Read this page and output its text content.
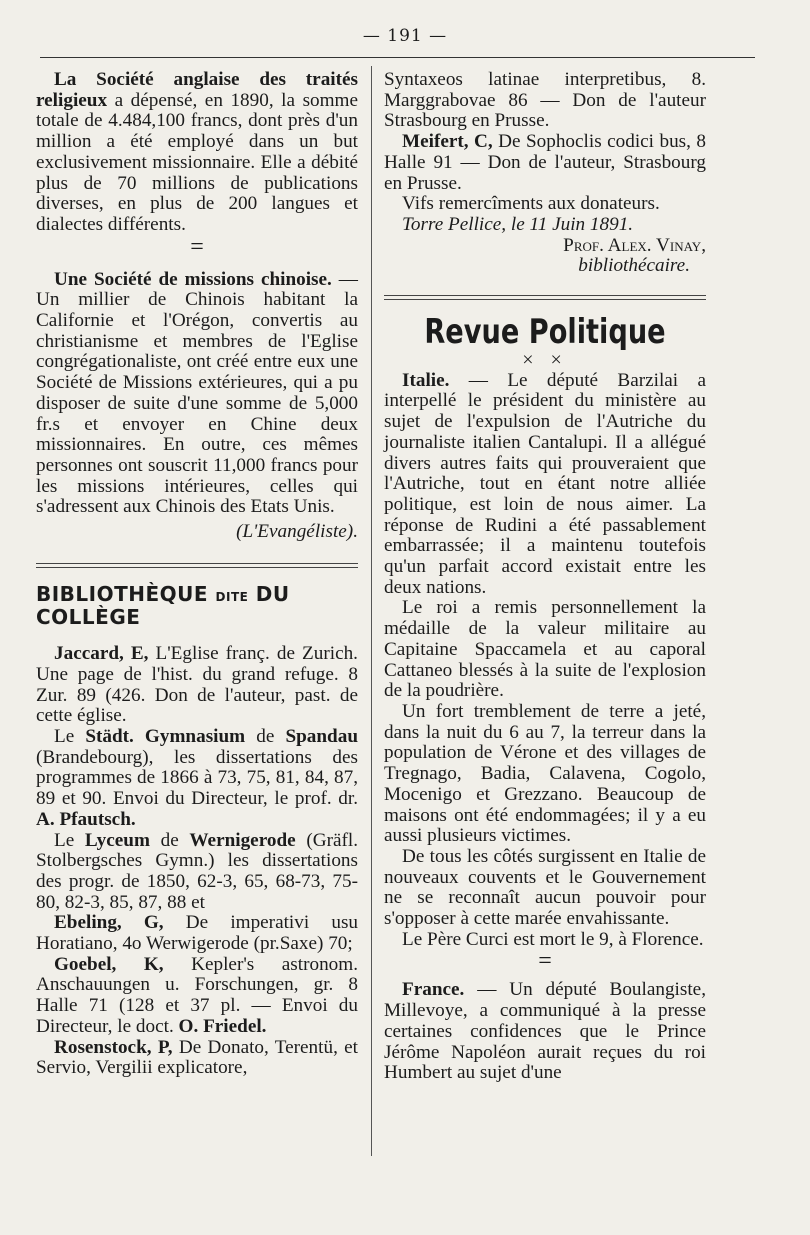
— 191 —

La Société anglaise des traités religieux a dépensé, en 1890, la somme totale de 4.484,100 francs, dont près d'un million a été employé dans un but exclusivement missionnaire. Elle a débité plus de 70 millions de publications diverses, en plus de 200 langues et dialectes différents.

=

Une Société de missions chinoise. — Un millier de Chinois habitant la Californie et l'Orégon, convertis au christianisme et membres de l'Eglise congrégationaliste, ont créé entre eux une Société de Missions extérieures, qui a pu disposer de suite d'une somme de 5,000 fr.s et envoyer en Chine deux missionnaires. En outre, ces mêmes personnes ont souscrit 11,000 francs pour les missions intérieures, celles qui s'adressent aux Chinois des Etats Unis.

(L'Evangéliste).

BIBLIOTHÈQUE DITE DU COLLÈGE

Jaccard, E, L'Eglise franç. de Zurich. Une page de l'hist. du grand refuge. 8 Zur. 89 (426. Don de l'auteur, past. de cette église.

Le Städt. Gymnasium de Spandau (Brandebourg), les dissertations des programmes de 1866 à 73, 75, 81, 84, 87, 89 et 90. Envoi du Directeur, le prof. dr. A. Pfautsch.

Le Lyceum de Wernigerode (Gräfl. Stolbergsches Gymn.) les dissertations des progr. de 1850, 62-3, 65, 68-73, 75-80, 82-3, 85, 87, 88 et

Ebeling, G, De imperativi usu Horatiano, 4o Werwigerode (pr.Saxe) 70;

Goebel, K, Kepler's astronom. Anschauungen u. Forschungen, gr. 8 Halle 71 (128 et 37 pl. — Envoi du Directeur, le doct. O. Friedel.

Rosenstock, P, De Donato, Terentü, et Servio, Vergilii explicatore,

Syntaxeos latinae interpretibus, 8. Marggrabovae 86 — Don de l'auteur Strasbourg en Prusse.

Meifert, C, De Sophoclis codici bus, 8 Halle 91 — Don de l'auteur, Strasbourg en Prusse.

Vifs remercîments aux donateurs.

Torre Pellice, le 11 Juin 1891.

Prof. Alex. Vinay,

bibliothécaire.

Revue Politique

× ×

Italie. — Le député Barzilai a interpellé le président du ministère au sujet de l'expulsion de l'Autriche du journaliste italien Cantalupi. Il a allégué divers autres faits qui prouveraient que l'Autriche, tout en étant notre alliée politique, est loin de nous aimer. La réponse de Rudini a été passablement embarrassée; il a maintenu toutefois qu'un parfait accord existait entre les deux nations.

Le roi a remis personnellement la médaille de la valeur militaire au Capitaine Spaccamela et au caporal Cattaneo blessés à la suite de l'explosion de la poudrière.

Un fort tremblement de terre a jeté, dans la nuit du 6 au 7, la terreur dans la population de Vérone et des villages de Tregnago, Badia, Calavena, Cogolo, Mocenigo et Grezzano. Beaucoup de maisons ont été endommagées; il y a eu aussi plusieurs victimes.

De tous les côtés surgissent en Italie de nouveaux couvents et le Gouvernement ne se reconnaît aucun pouvoir pour s'opposer à cette marée envahissante.

Le Père Curci est mort le 9, à Florence.

=

France. — Un député Boulangiste, Millevoye, a communiqué à la presse certaines confidences que le Prince Jérôme Napoléon aurait reçues du roi Humbert au sujet d'une
